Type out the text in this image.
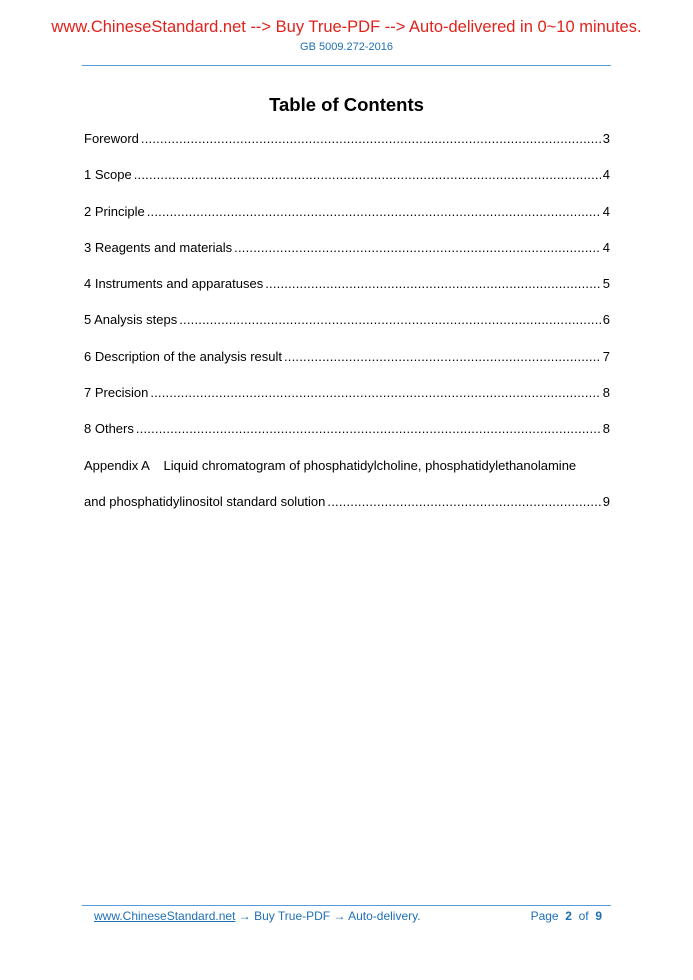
www.ChineseStandard.net --> Buy True-PDF --> Auto-delivered in 0~10 minutes.
GB 5009.272-2016
Table of Contents
Foreword .....	3
1 Scope .....	4
2 Principle .....	4
3 Reagents and materials .....	4
4 Instruments and apparatuses .....	5
5 Analysis steps .....	6
6 Description of the analysis result .....	7
7 Precision .....	8
8 Others .....	8
Appendix A    Liquid chromatogram of phosphatidylcholine, phosphatidylethanolamine
and phosphatidylinositol standard solution .....	9
www.ChineseStandard.net → Buy True-PDF → Auto-delivery.	Page 2 of 9
